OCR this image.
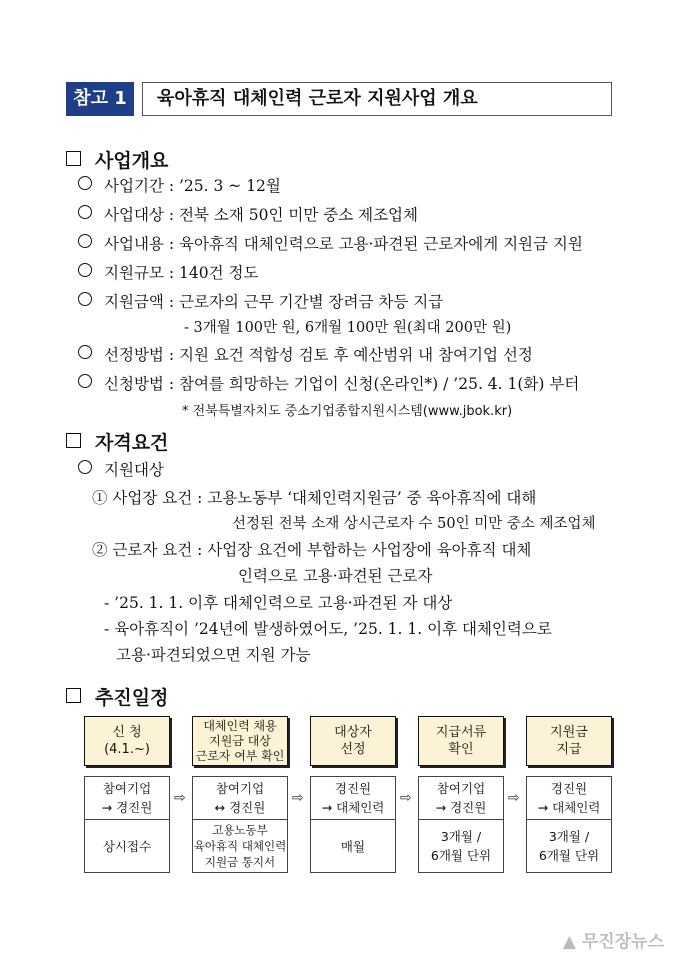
참고 1	육아휴직 대체인력 근로자 지원사업 개요
사업개요
사업기간 : ’25. 3 ~ 12월
사업대상 : 전북 소재 50인 미만 중소 제조업체
사업내용 : 육아휴직 대체인력으로 고용·파견된 근로자에게 지원금 지원
지원규모 : 140건 정도
지원금액 : 근로자의 근무 기간별 장려금 차등 지급
- 3개월 100만 원, 6개월 100만 원(최대 200만 원)
선정방법 : 지원 요건 적합성 검토 후 예산범위 내 참여기업 선정
신청방법 : 참여를 희망하는 기업이 신청(온라인*) / ’25. 4. 1(화) 부터
* 전북특별자치도 중소기업종합지원시스템(www.jbok.kr)
자격요건
지원대상
① 사업장 요건 : 고용노동부 ‘대체인력지원금’ 중 육아휴직에 대해
선정된 전북 소재 상시근로자 수 50인 미만 중소 제조업체
② 근로자 요건 : 사업장 요건에 부합하는 사업장에 육아휴직 대체
인력으로 고용·파견된 근로자
- ’25. 1. 1. 이후 대체인력으로 고용·파견된 자 대상
- 육아휴직이 ’24년에 발생하였어도, ’25. 1. 1. 이후 대체인력으로
고용·파견되었으면 지원 가능
추진일정
신 청
(4.1.~)
참여기업
→ 경진원
상시접수
⇨
대체인력 채용
지원금 대상
근로자 여부 확인
참여기업
↔ 경진원
고용노동부
육아휴직 대체인력
지원금 통지서
⇨
대상자
선정
경진원
→ 대체인력
매월
⇨
지급서류
확인
참여기업
→ 경진원
3개월 /
6개월 단위
⇨
지원금
지급
경진원
→ 대체인력
3개월 /
6개월 단위
▲ 무진장뉴스
